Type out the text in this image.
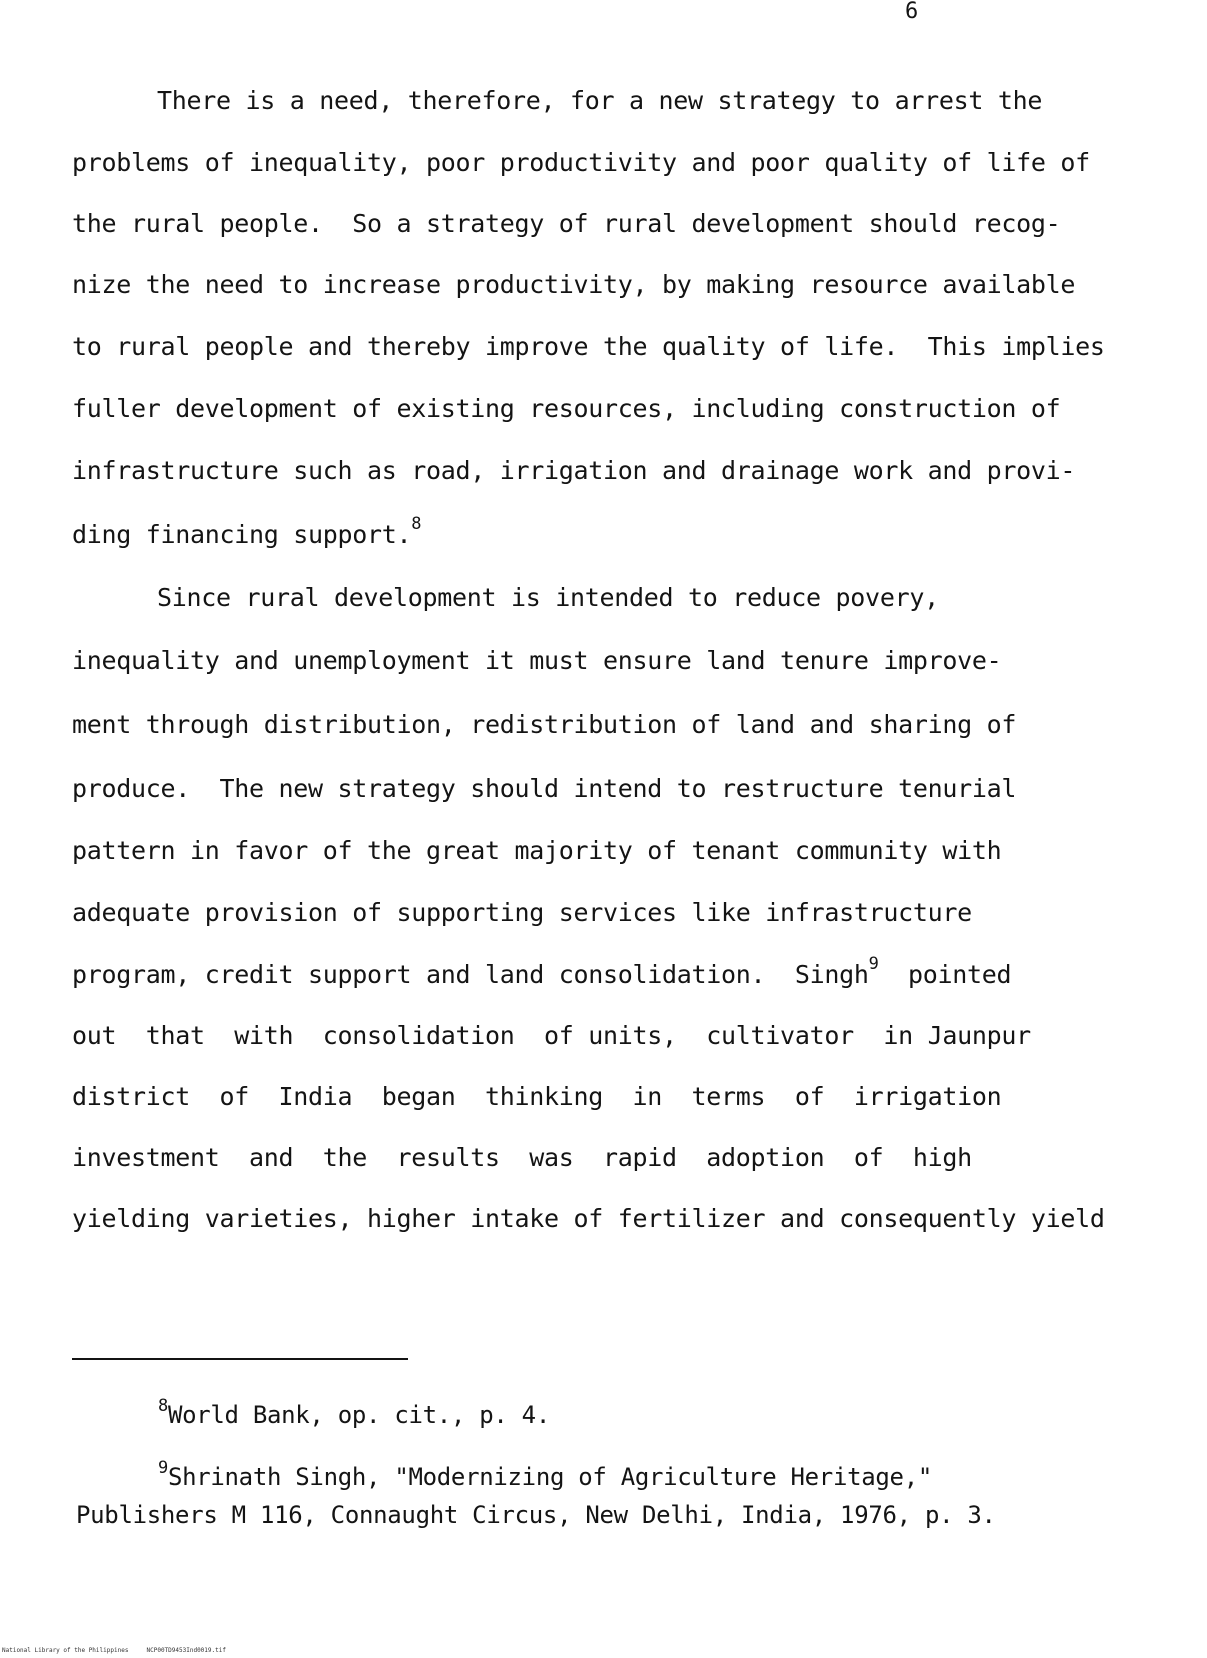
6
There is a need, therefore, for a new strategy to arrest the
problems of inequality, poor productivity and poor quality of life of
the rural people.  So a strategy of rural development should recog-
nize the need to increase productivity, by making resource available
to rural people and thereby improve the quality of life.  This implies
fuller development of existing resources, including construction of
infrastructure such as road, irrigation and drainage work and provi-
ding financing support.$^8$
Since rural development is intended to reduce povery,
inequality and unemployment it must ensure land tenure improve-
ment through distribution, redistribution of land and sharing of
produce.  The new strategy should intend to restructure tenurial
pattern in favor of the great majority of tenant community with
adequate provision of supporting services like infrastructure
program, credit support and land consolidation.  Singh$^9$ pointed
out  that  with  consolidation  of units,  cultivator  in Jaunpur
district  of  India  began  thinking  in  terms  of  irrigation
investment  and  the  results  was  rapid  adoption  of  high
yielding varieties, higher intake of fertilizer and consequently yield
$^8$World Bank, op. cit., p. 4.
$^9$Shrinath Singh, "Modernizing of Agriculture Heritage,"
Publishers M 116, Connaught Circus, New Delhi, India, 1976, p. 3.
National Library of the Philippines     NCP00TD9453Ind0019.tif
